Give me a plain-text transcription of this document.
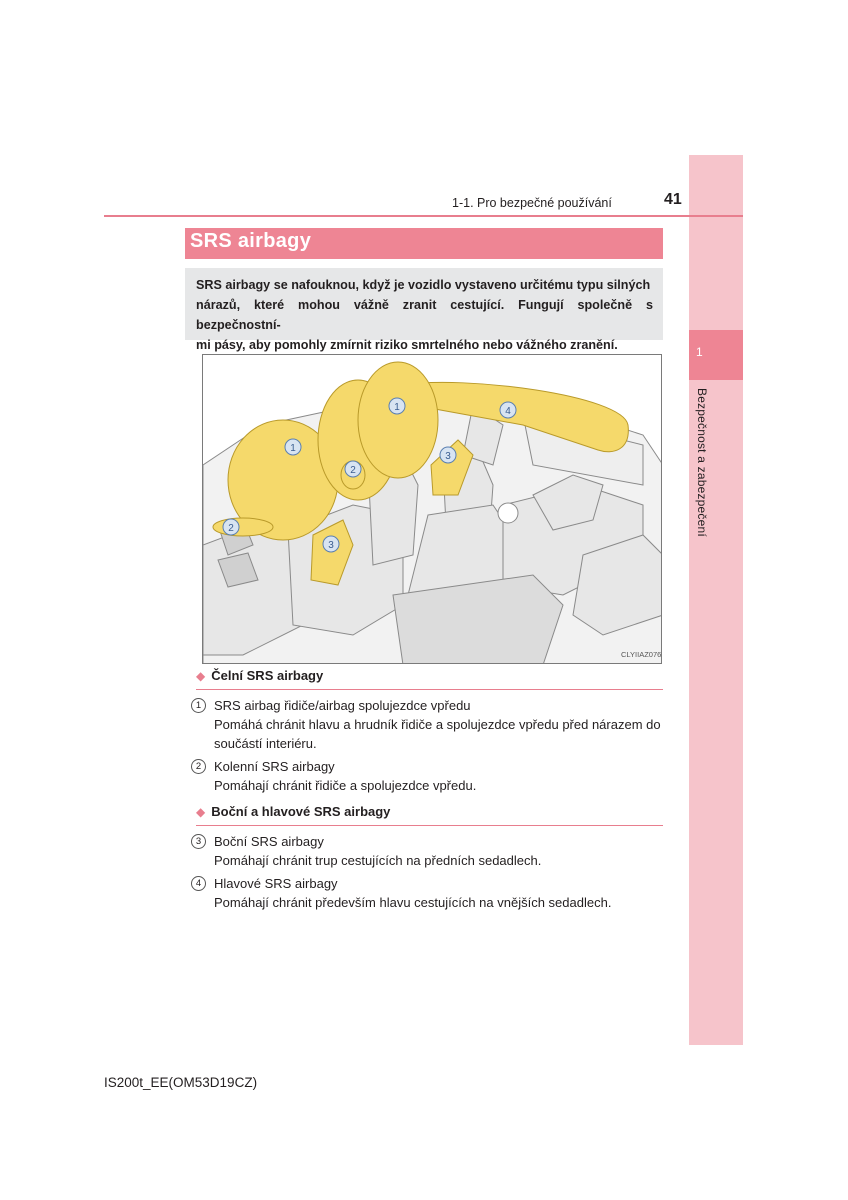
1
Bezpečnost a zabezpečení
1-1. Pro bezpečné používání	41
SRS airbagy
SRS airbagy se nafouknou, když je vozidlo vystaveno určitému typu silných
nárazů, které mohou vážně zranit cestující. Fungují společně s bezpečnostní-
mi pásy, aby pomohly zmírnit riziko smrtelného nebo vážného zranění.
1
1
2
2
3
3
4
CLYIIAZ076
◆ Čelní SRS airbagy
1 SRS airbag řidiče/airbag spolujezdce vpředu
Pomáhá chránit hlavu a hrudník řidiče a spolujezdce vpředu před nárazem do
součástí interiéru.
2 Kolenní SRS airbagy
Pomáhají chránit řidiče a spolujezdce vpředu.
◆ Boční a hlavové SRS airbagy
3 Boční SRS airbagy
Pomáhají chránit trup cestujících na předních sedadlech.
4 Hlavové SRS airbagy
Pomáhají chránit především hlavu cestujících na vnějších sedadlech.
IS200t_EE(OM53D19CZ)
